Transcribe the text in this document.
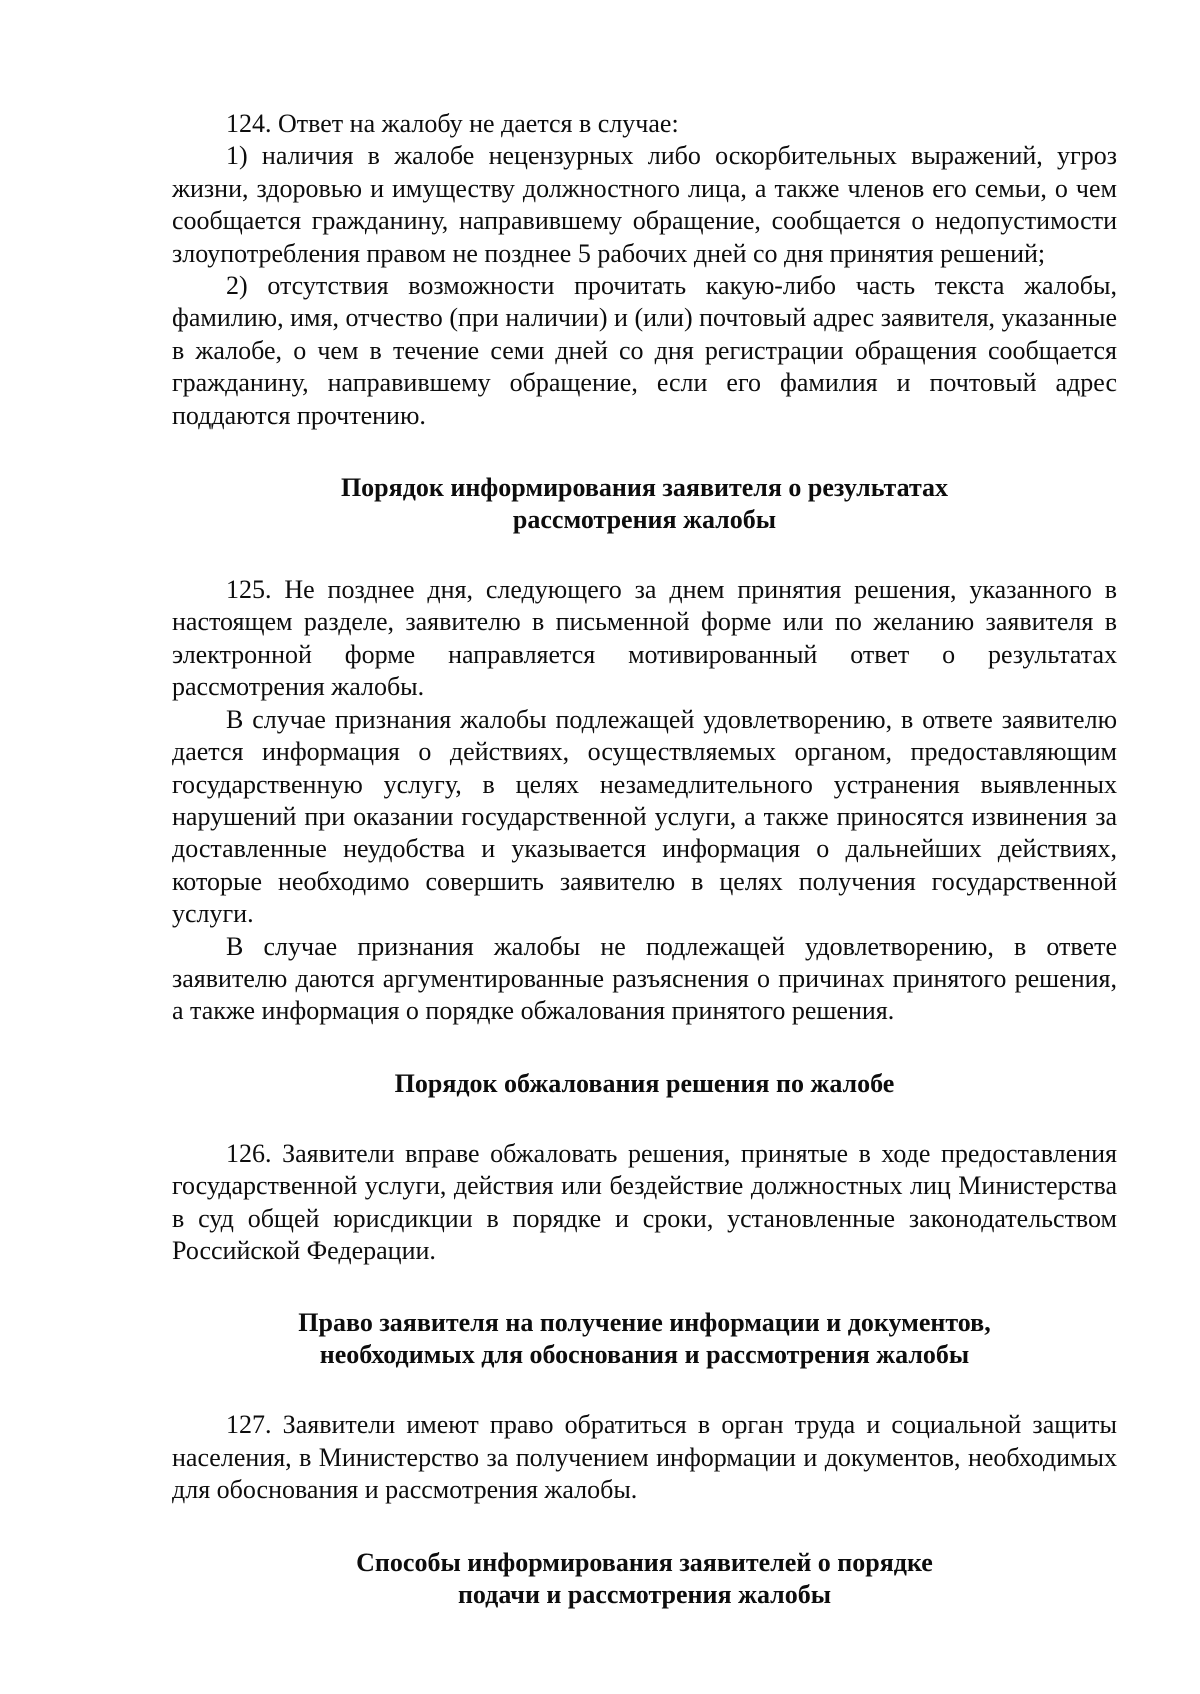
124. Ответ на жалобу не дается в случае:

1) наличия в жалобе нецензурных либо оскорбительных выражений, угроз жизни, здоровью и имуществу должностного лица, а также членов его семьи, о чем сообщается гражданину, направившему обращение, сообщается о недопустимости злоупотребления правом не позднее 5 рабочих дней со дня принятия решений;

2) отсутствия возможности прочитать какую-либо часть текста жалобы, фамилию, имя, отчество (при наличии) и (или) почтовый адрес заявителя, указанные в жалобе, о чем в течение семи дней со дня регистрации обращения сообщается гражданину, направившему обращение, если его фамилия и почтовый адрес поддаются прочтению.

Порядок информирования заявителя о результатах

рассмотрения жалобы

125. Не позднее дня, следующего за днем принятия решения, указанного в настоящем разделе, заявителю в письменной форме или по желанию заявителя в электронной форме направляется мотивированный ответ о результатах рассмотрения жалобы.

В случае признания жалобы подлежащей удовлетворению, в ответе заявителю дается информация о действиях, осуществляемых органом, предоставляющим государственную услугу, в целях незамедлительного устранения выявленных нарушений при оказании государственной услуги, а также приносятся извинения за доставленные неудобства и указывается информация о дальнейших действиях, которые необходимо совершить заявителю в целях получения государственной услуги.

В случае признания жалобы не подлежащей удовлетворению, в ответе заявителю даются аргументированные разъяснения о причинах принятого решения, а также информация о порядке обжалования принятого решения.

Порядок обжалования решения по жалобе

126. Заявители вправе обжаловать решения, принятые в ходе предоставления государственной услуги, действия или бездействие должностных лиц Министерства в суд общей юрисдикции в порядке и сроки, установленные законодательством Российской Федерации.

Право заявителя на получение информации и документов,

необходимых для обоснования и рассмотрения жалобы

127. Заявители имеют право обратиться в орган труда и социальной защиты населения, в Министерство за получением информации и документов, необходимых для обоснования и рассмотрения жалобы.

Способы информирования заявителей о порядке

подачи и рассмотрения жалобы
